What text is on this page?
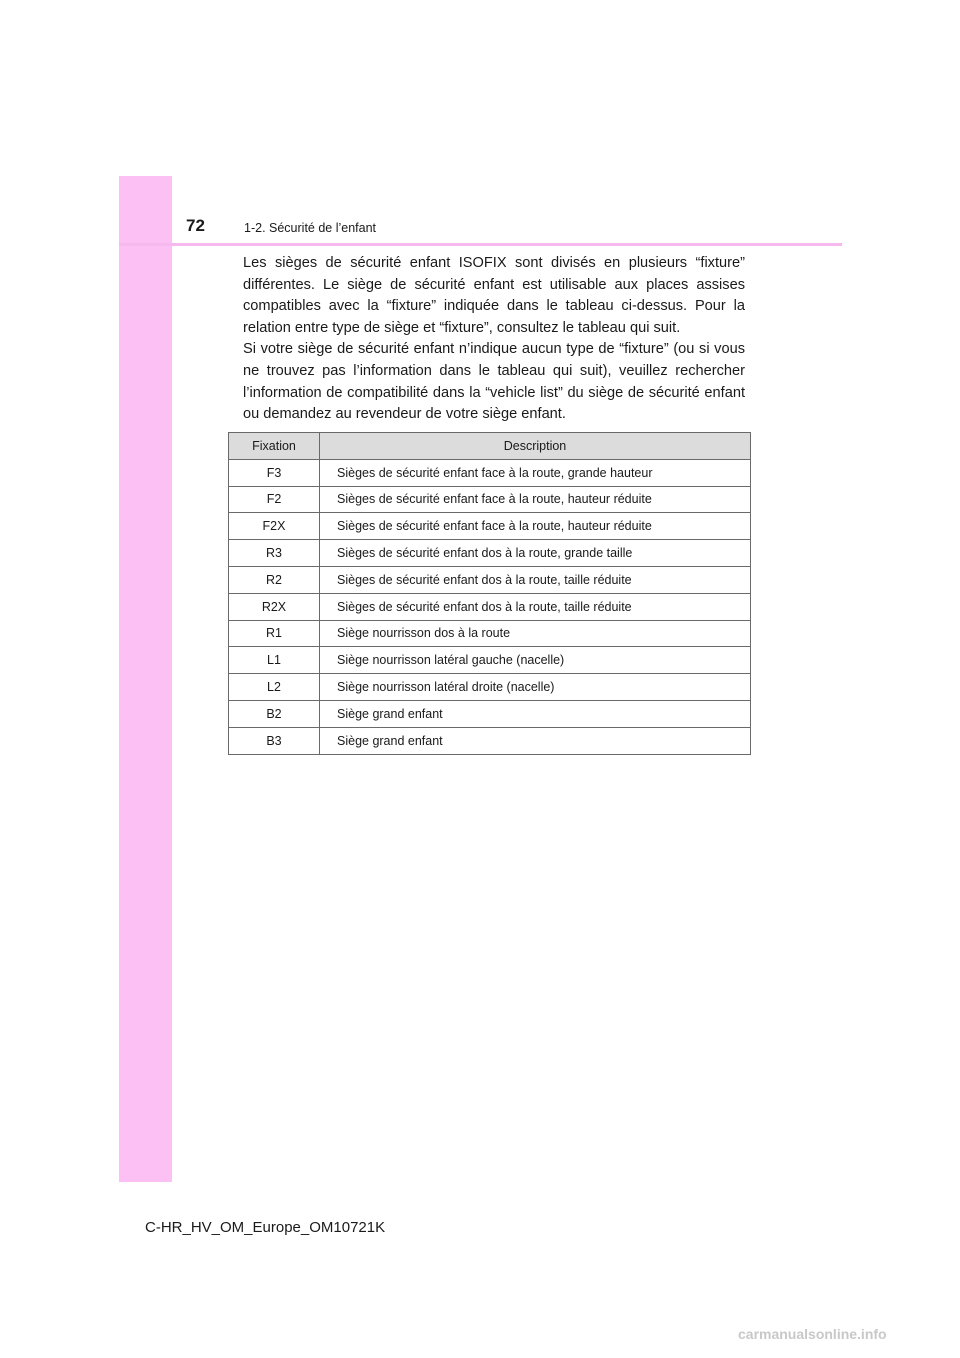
72	1-2. Sécurité de l’enfant

Les sièges de sécurité enfant ISOFIX sont divisés en plusieurs “fixture” différentes. Le siège de sécurité enfant est utilisable aux places assises compatibles avec la “fixture” indiquée dans le tableau ci-dessus. Pour la relation entre type de siège et “fixture”, consultez le tableau qui suit.

Si votre siège de sécurité enfant n’indique aucun type de “fixture” (ou si vous ne trouvez pas l’information dans le tableau qui suit), veuillez rechercher l’information de compatibilité dans la “vehicle list” du siège de sécurité enfant ou demandez au revendeur de votre siège enfant.

Fixation	Description
F3	Sièges de sécurité enfant face à la route, grande hauteur
F2	Sièges de sécurité enfant face à la route, hauteur réduite
F2X	Sièges de sécurité enfant face à la route, hauteur réduite
R3	Sièges de sécurité enfant dos à la route, grande taille
R2	Sièges de sécurité enfant dos à la route, taille réduite
R2X	Sièges de sécurité enfant dos à la route, taille réduite
R1	Siège nourrisson dos à la route
L1	Siège nourrisson latéral gauche (nacelle)
L2	Siège nourrisson latéral droite (nacelle)
B2	Siège grand enfant
B3	Siège grand enfant
C-HR_HV_OM_Europe_OM10721K
carmanualsonline.info
